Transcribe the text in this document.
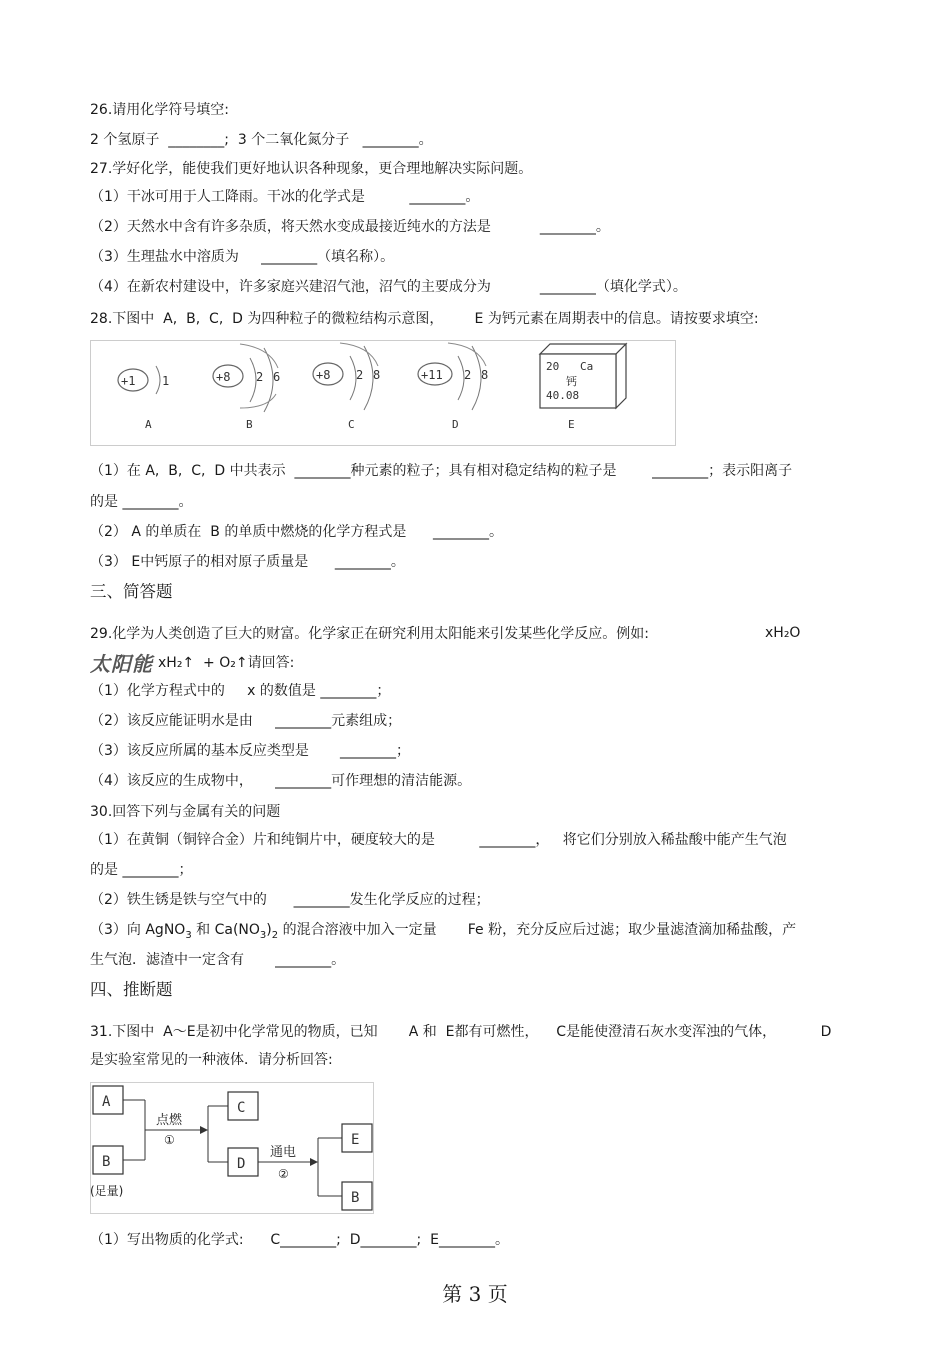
26.请用化学符号填空:
2 个氢原子  ________;  3 个二氧化氮分子   ________。
27.学好化学，能使我们更好地认识各种现象，更合理地解决实际问题。
（1）干冰可用于人工降雨。干冰的化学式是          ________。
（2）天然水中含有许多杂质，将天然水变成最接近纯水的方法是           ________。
（3）生理盐水中溶质为     ________（填名称）。
（4）在新农村建设中，许多家庭兴建沼气池，沼气的主要成分为           ________（填化学式）。
28.下图中  A,  B,  C,  D 为四种粒子的微粒结构示意图，       E 为钙元素在周期表中的信息。请按要求填空:
+1 1
A
+8 2 6
B
+8 2 8
C
+11 2 8
D
20 Ca
钙
40.08
E
（1）在 A,  B,  C,  D 中共表示  ________种元素的粒子；具有相对稳定结构的粒子是        ________；表示阳离子
的是 ________。
（2） A 的单质在  B 的单质中燃烧的化学方程式是      ________。
（3） E中钙原子的相对原子质量是      ________。
三、简答题
29.化学为人类创造了巨大的财富。化学家正在研究利用太阳能来引发某些化学反应。例如:	xH₂O
太阳能 xH₂↑  + O₂↑请回答:
（1）化学方程式中的     x 的数值是 ________；
（2）该反应能证明水是由     ________元素组成；
（3）该反应所属的基本反应类型是       ________；
（4）该反应的生成物中，     ________可作理想的清洁能源。
30.回答下列与金属有关的问题
（1）在黄铜（铜锌合金）片和纯铜片中，硬度较大的是          ________，   将它们分别放入稀盐酸中能产生气泡
的是 ________；
（2）铁生锈是铁与空气中的      ________发生化学反应的过程；
（3）向 AgNO$_3$ 和 $Ca(NO_3)_2$ 的混合溶液中加入一定量       Fe 粉，充分反应后过滤；取少量滤渣滴加稀盐酸，产
生气泡．滤渣中一定含有       ________。
四、推断题
31.下图中  A～E是初中化学常见的物质，已知       A 和  E都有可燃性，    C是能使澄清石灰水变浑浊的气体，          D
是实验室常见的一种液体．请分析回答:
A
B
(足量)
点燃
①
C
D
通电
②
E
B
（1）写出物质的化学式:      C________;  D________;  E________。
第 3 页
